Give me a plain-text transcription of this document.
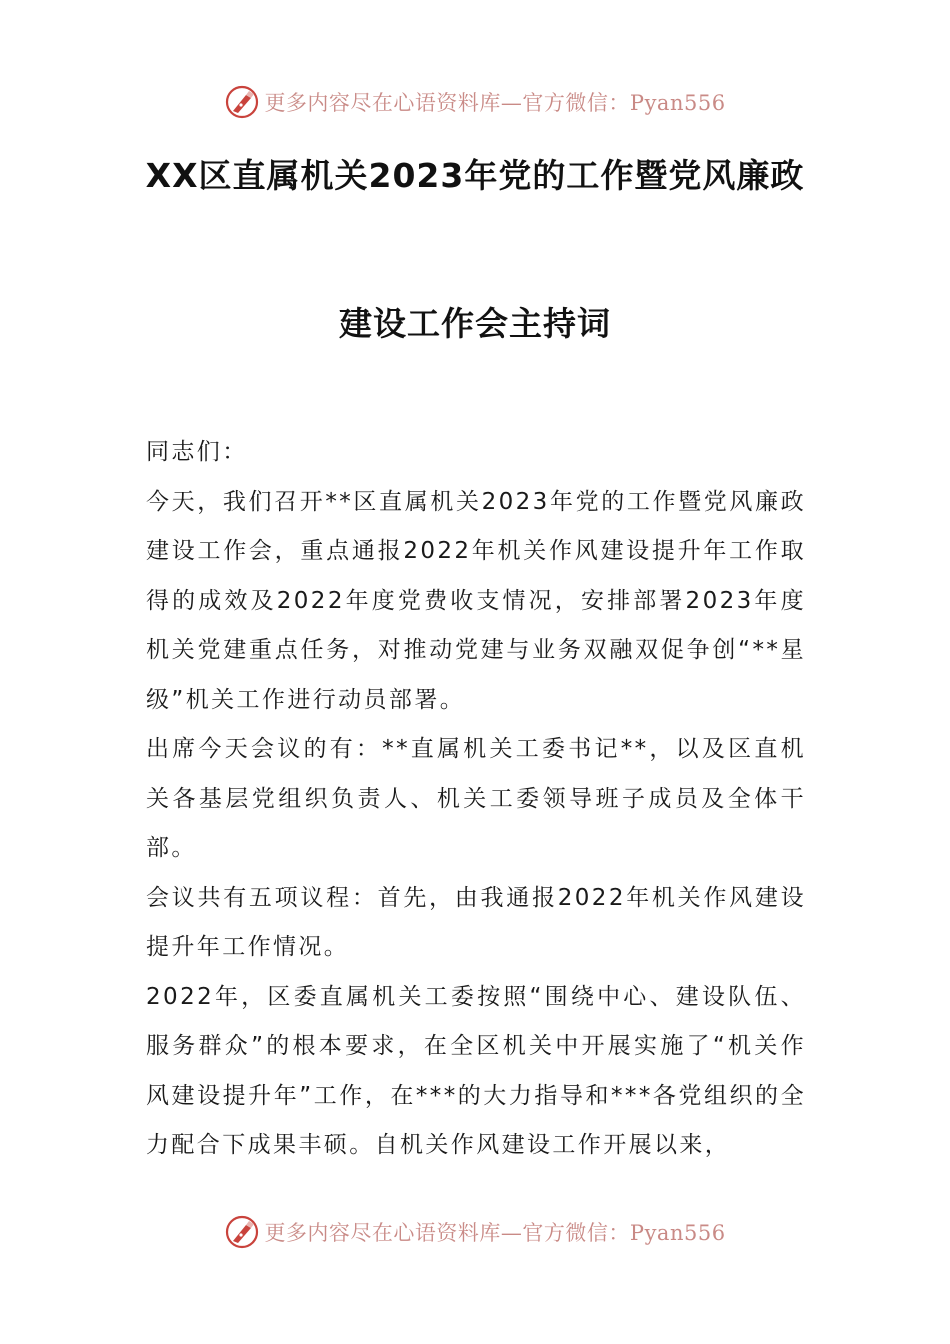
更多内容尽在心语资料库—官方微信：Pyan556
XX区直属机关2023年党的工作暨党风廉政
建设工作会主持词

同志们：

今天，我们召开**区直属机关2023年党的工作暨党风廉政建设工作会，重点通报2022年机关作风建设提升年工作取得的成效及2022年度党费收支情况，安排部署2023年度机关党建重点任务，对推动党建与业务双融双促争创“**星级”机关工作进行动员部署。

出席今天会议的有：**直属机关工委书记**，以及区直机关各基层党组织负责人、机关工委领导班子成员及全体干部。

会议共有五项议程：首先，由我通报2022年机关作风建设提升年工作情况。

2022年，区委直属机关工委按照“围绕中心、建设队伍、服务群众”的根本要求，在全区机关中开展实施了“机关作风建设提升年”工作，在***的大力指导和***各党组织的全力配合下成果丰硕。自机关作风建设工作开展以来，

更多内容尽在心语资料库—官方微信：Pyan556
